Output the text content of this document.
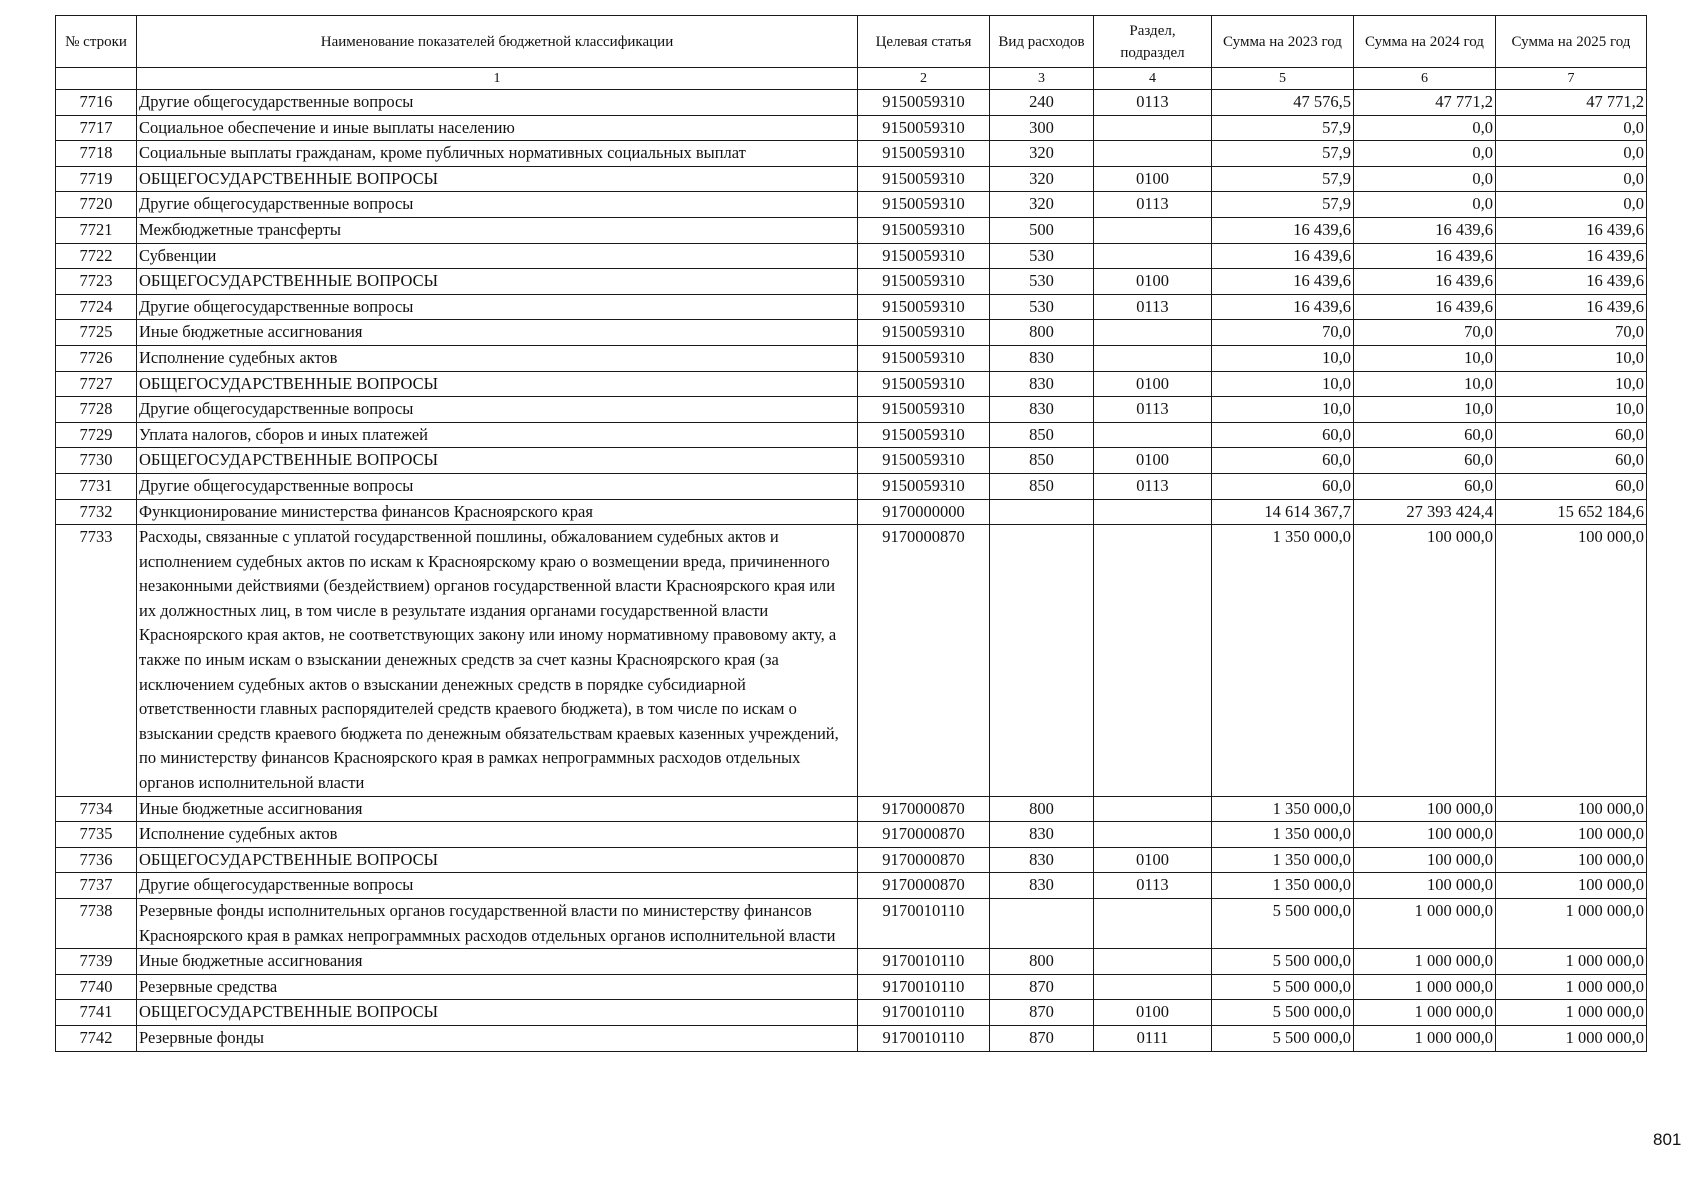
№ строки	Наименование показателей бюджетной классификации	Целевая статья	Вид расходов	Раздел, подраздел	Сумма на 2023 год	Сумма на 2024 год	Сумма на 2025 год
	1	2	3	4	5	6	7
7716	Другие общегосударственные вопросы	9150059310	240	0113	47 576,5	47 771,2	47 771,2
7717	Социальное обеспечение и иные выплаты населению	9150059310	300		57,9	0,0	0,0
7718	Социальные выплаты гражданам, кроме публичных нормативных социальных выплат	9150059310	320		57,9	0,0	0,0
7719	ОБЩЕГОСУДАРСТВЕННЫЕ ВОПРОСЫ	9150059310	320	0100	57,9	0,0	0,0
7720	Другие общегосударственные вопросы	9150059310	320	0113	57,9	0,0	0,0
7721	Межбюджетные трансферты	9150059310	500		16 439,6	16 439,6	16 439,6
7722	Субвенции	9150059310	530		16 439,6	16 439,6	16 439,6
7723	ОБЩЕГОСУДАРСТВЕННЫЕ ВОПРОСЫ	9150059310	530	0100	16 439,6	16 439,6	16 439,6
7724	Другие общегосударственные вопросы	9150059310	530	0113	16 439,6	16 439,6	16 439,6
7725	Иные бюджетные ассигнования	9150059310	800		70,0	70,0	70,0
7726	Исполнение судебных актов	9150059310	830		10,0	10,0	10,0
7727	ОБЩЕГОСУДАРСТВЕННЫЕ ВОПРОСЫ	9150059310	830	0100	10,0	10,0	10,0
7728	Другие общегосударственные вопросы	9150059310	830	0113	10,0	10,0	10,0
7729	Уплата налогов, сборов и иных платежей	9150059310	850		60,0	60,0	60,0
7730	ОБЩЕГОСУДАРСТВЕННЫЕ ВОПРОСЫ	9150059310	850	0100	60,0	60,0	60,0
7731	Другие общегосударственные вопросы	9150059310	850	0113	60,0	60,0	60,0
7732	Функционирование министерства финансов Красноярского края	9170000000			14 614 367,7	27 393 424,4	15 652 184,6
7733	Расходы, связанные с уплатой государственной пошлины, обжалованием судебных актов и исполнением судебных актов по искам к Красноярскому краю о возмещении вреда, причиненного незаконными действиями (бездействием) органов государственной власти Красноярского края или их должностных лиц, в том числе в результате издания органами государственной власти Красноярского края актов, не соответствующих закону или иному нормативному правовому акту, а также по иным искам о взыскании денежных средств за счет казны Красноярского края (за исключением судебных актов о взыскании денежных средств в порядке субсидиарной ответственности главных распорядителей средств краевого бюджета), в том числе по искам о взыскании средств краевого бюджета по денежным обязательствам краевых казенных учреждений, по министерству финансов Красноярского края в рамках непрограммных расходов отдельных органов исполнительной власти	9170000870			1 350 000,0	100 000,0	100 000,0
7734	Иные бюджетные ассигнования	9170000870	800		1 350 000,0	100 000,0	100 000,0
7735	Исполнение судебных актов	9170000870	830		1 350 000,0	100 000,0	100 000,0
7736	ОБЩЕГОСУДАРСТВЕННЫЕ ВОПРОСЫ	9170000870	830	0100	1 350 000,0	100 000,0	100 000,0
7737	Другие общегосударственные вопросы	9170000870	830	0113	1 350 000,0	100 000,0	100 000,0
7738	Резервные фонды исполнительных органов государственной власти по министерству финансов Красноярского края в рамках непрограммных расходов отдельных органов исполнительной власти	9170010110			5 500 000,0	1 000 000,0	1 000 000,0
7739	Иные бюджетные ассигнования	9170010110	800		5 500 000,0	1 000 000,0	1 000 000,0
7740	Резервные средства	9170010110	870		5 500 000,0	1 000 000,0	1 000 000,0
7741	ОБЩЕГОСУДАРСТВЕННЫЕ ВОПРОСЫ	9170010110	870	0100	5 500 000,0	1 000 000,0	1 000 000,0
7742	Резервные фонды	9170010110	870	0111	5 500 000,0	1 000 000,0	1 000 000,0
801
